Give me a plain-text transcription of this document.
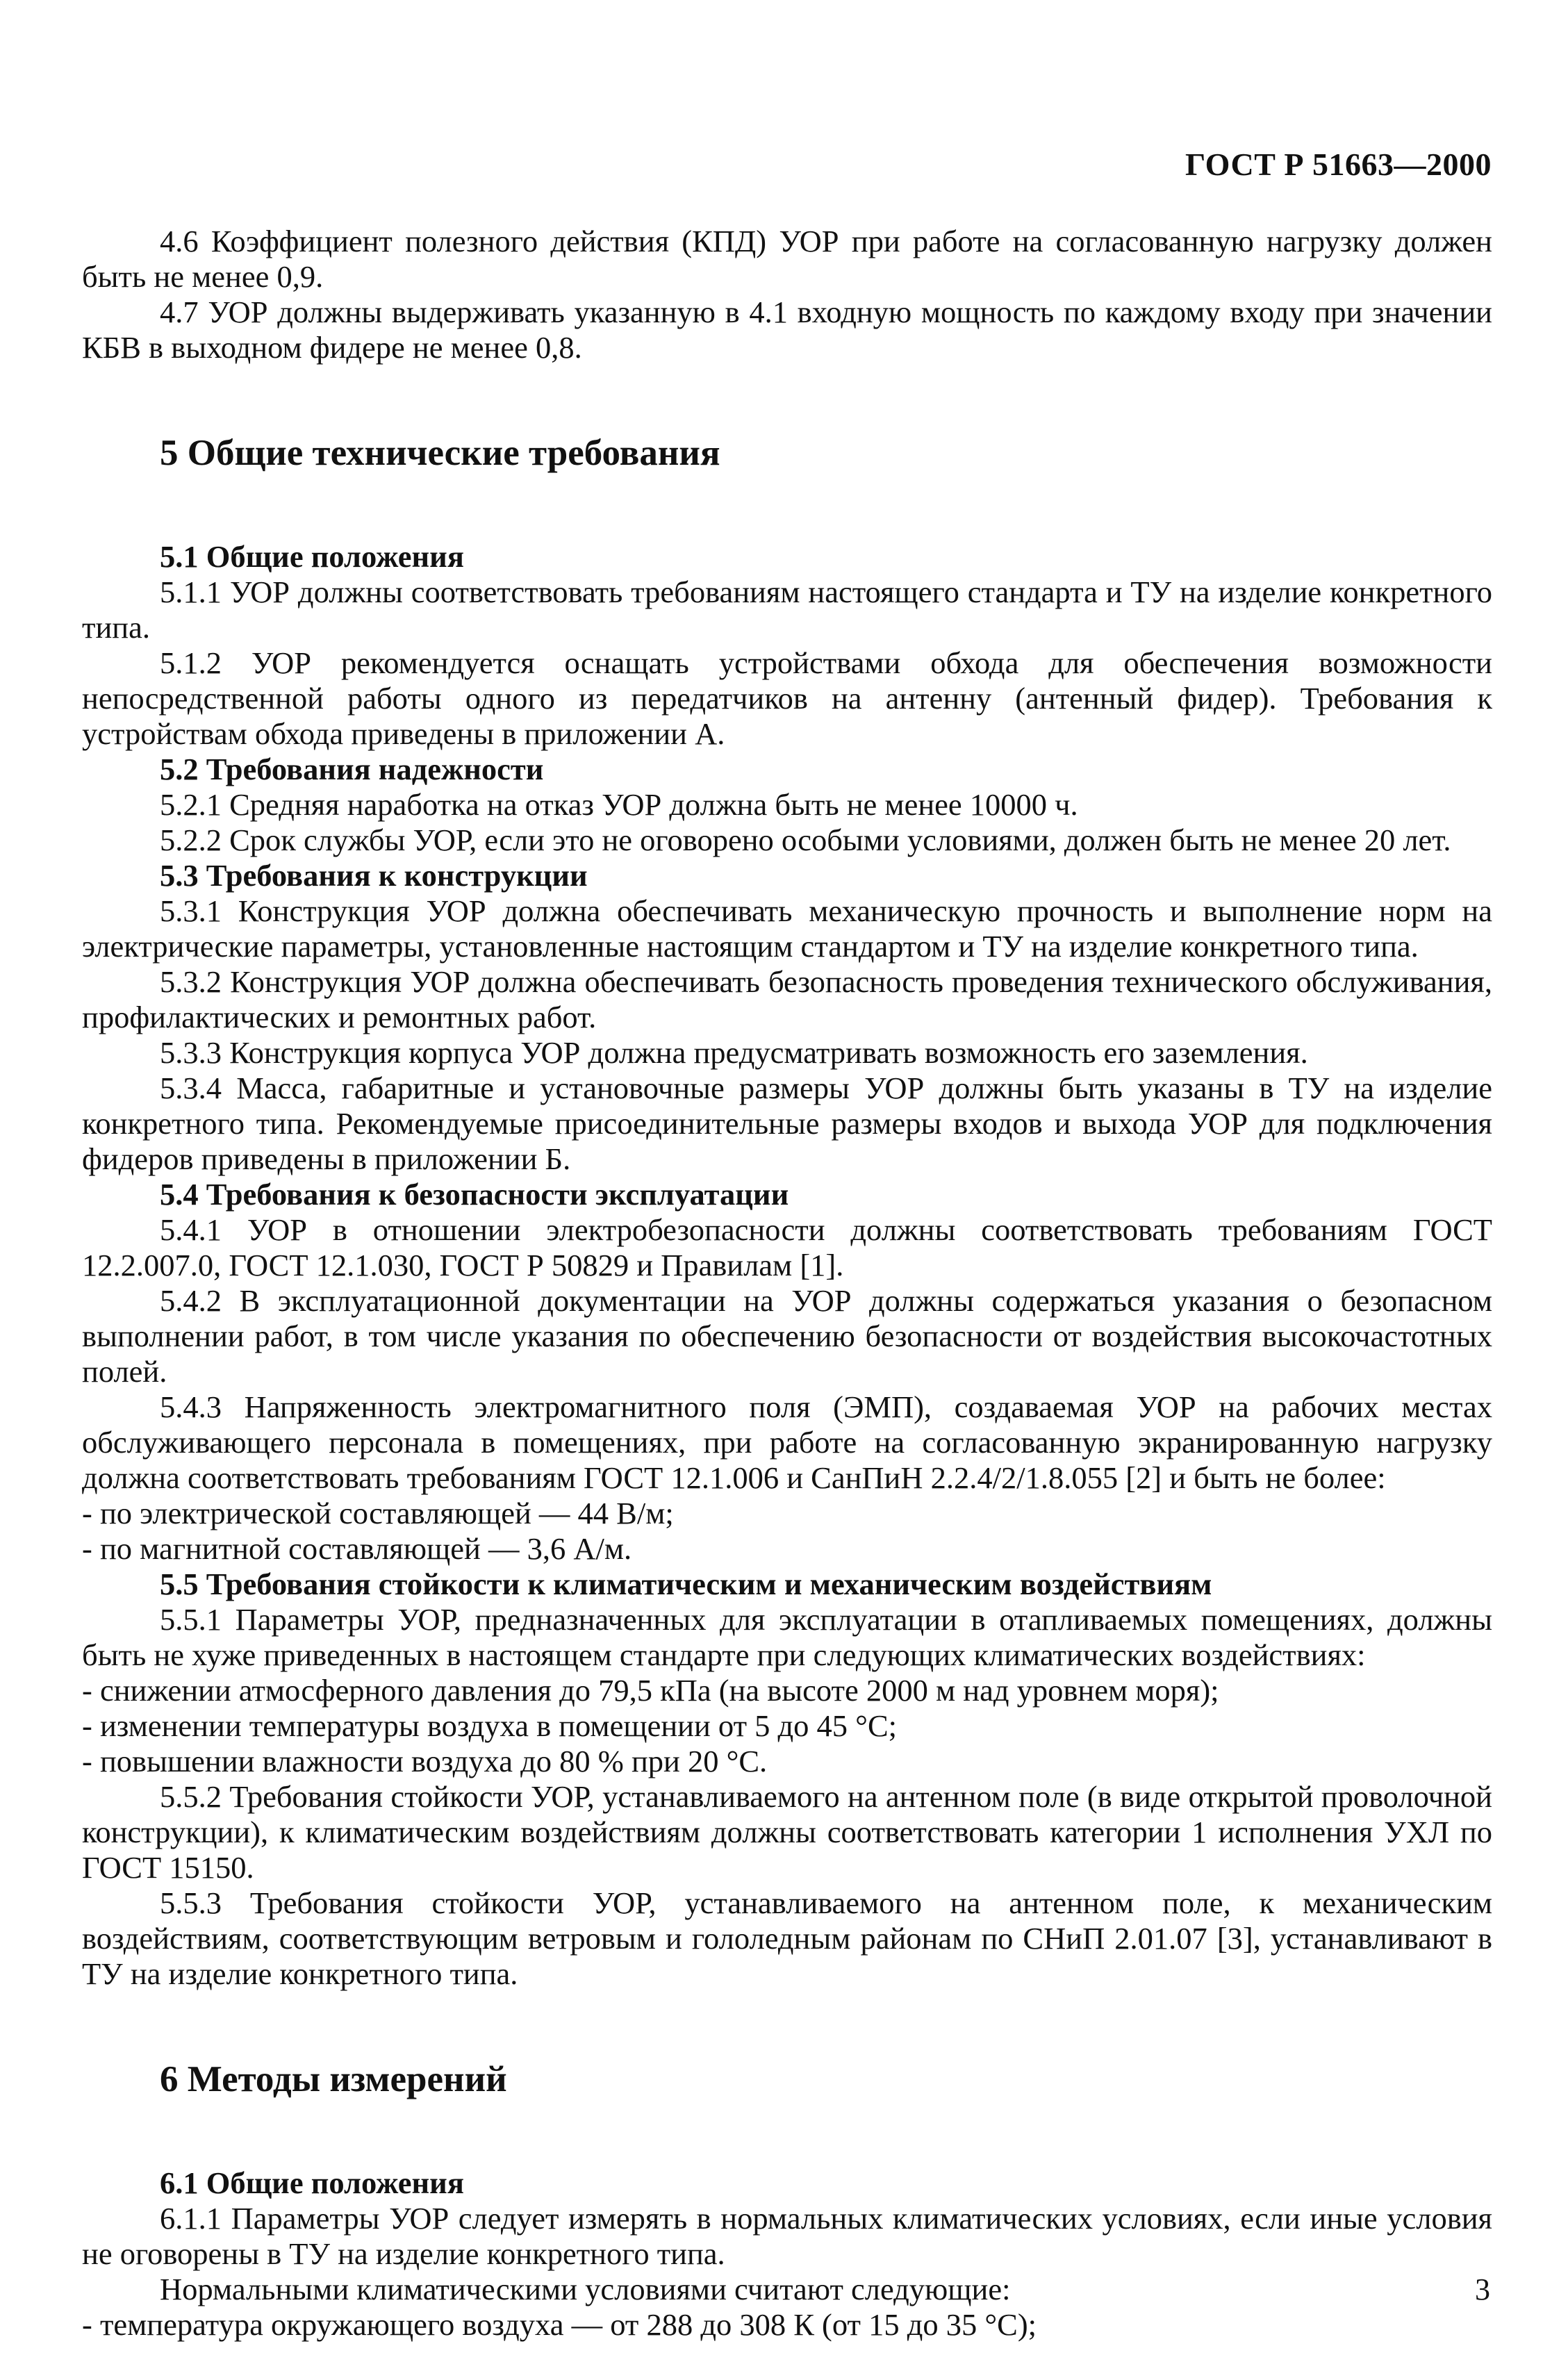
ГОСТ Р 51663—2000

4.6 Коэффициент полезного действия (КПД) УОР при работе на согласованную нагрузку должен быть не менее 0,9.

4.7 УОР должны выдерживать указанную в 4.1 входную мощность по каждому входу при значении КБВ в выходном фидере не менее 0,8.

5 Общие технические требования

5.1 Общие положения

5.1.1 УОР должны соответствовать требованиям настоящего стандарта и ТУ на изделие конкретного типа.

5.1.2 УОР рекомендуется оснащать устройствами обхода для обеспечения возможности непосредственной работы одного из передатчиков на антенну (антенный фидер). Требования к устройствам обхода приведены в приложении А.

5.2 Требования надежности

5.2.1 Средняя наработка на отказ УОР должна быть не менее 10000 ч.

5.2.2 Срок службы УОР, если это не оговорено особыми условиями, должен быть не менее 20 лет.

5.3 Требования к конструкции

5.3.1 Конструкция УОР должна обеспечивать механическую прочность и выполнение норм на электрические параметры, установленные настоящим стандартом и ТУ на изделие конкретного типа.

5.3.2 Конструкция УОР должна обеспечивать безопасность проведения технического обслуживания, профилактических и ремонтных работ.

5.3.3 Конструкция корпуса УОР должна предусматривать возможность его заземления.

5.3.4 Масса, габаритные и установочные размеры УОР должны быть указаны в ТУ на изделие конкретного типа. Рекомендуемые присоединительные размеры входов и выхода УОР для подключения фидеров приведены в приложении Б.

5.4 Требования к безопасности эксплуатации

5.4.1 УОР в отношении электробезопасности должны соответствовать требованиям ГОСТ 12.2.007.0, ГОСТ 12.1.030, ГОСТ Р 50829 и Правилам [1].

5.4.2 В эксплуатационной документации на УОР должны содержаться указания о безопасном выполнении работ, в том числе указания по обеспечению безопасности от воздействия высокочастотных полей.

5.4.3 Напряженность электромагнитного поля (ЭМП), создаваемая УОР на рабочих местах обслуживающего персонала в помещениях, при работе на согласованную экранированную нагрузку должна соответствовать требованиям ГОСТ 12.1.006 и СанПиН 2.2.4/2/1.8.055 [2] и быть не более:

- по электрической составляющей — 44 В/м;

- по магнитной составляющей — 3,6 А/м.

5.5 Требования стойкости к климатическим и механическим воздействиям

5.5.1 Параметры УОР, предназначенных для эксплуатации в отапливаемых помещениях, должны быть не хуже приведенных в настоящем стандарте при следующих климатических воздействиях:

- снижении атмосферного давления до 79,5 кПа (на высоте 2000 м над уровнем моря);

- изменении температуры воздуха в помещении от 5 до 45 °С;

- повышении влажности воздуха до 80 % при 20 °С.

5.5.2 Требования стойкости УОР, устанавливаемого на антенном поле (в виде открытой проволочной конструкции), к климатическим воздействиям должны соответствовать категории 1 исполнения УХЛ по ГОСТ 15150.

5.5.3 Требования стойкости УОР, устанавливаемого на антенном поле, к механическим воздействиям, соответствующим ветровым и гололедным районам по СНиП 2.01.07 [3], устанавливают в ТУ на изделие конкретного типа.

6 Методы измерений

6.1 Общие положения

6.1.1 Параметры УОР следует измерять в нормальных климатических условиях, если иные условия не оговорены в ТУ на изделие конкретного типа.

Нормальными климатическими условиями считают следующие:

- температура окружающего воздуха — от 288 до 308 К (от 15 до 35 °С);

3
